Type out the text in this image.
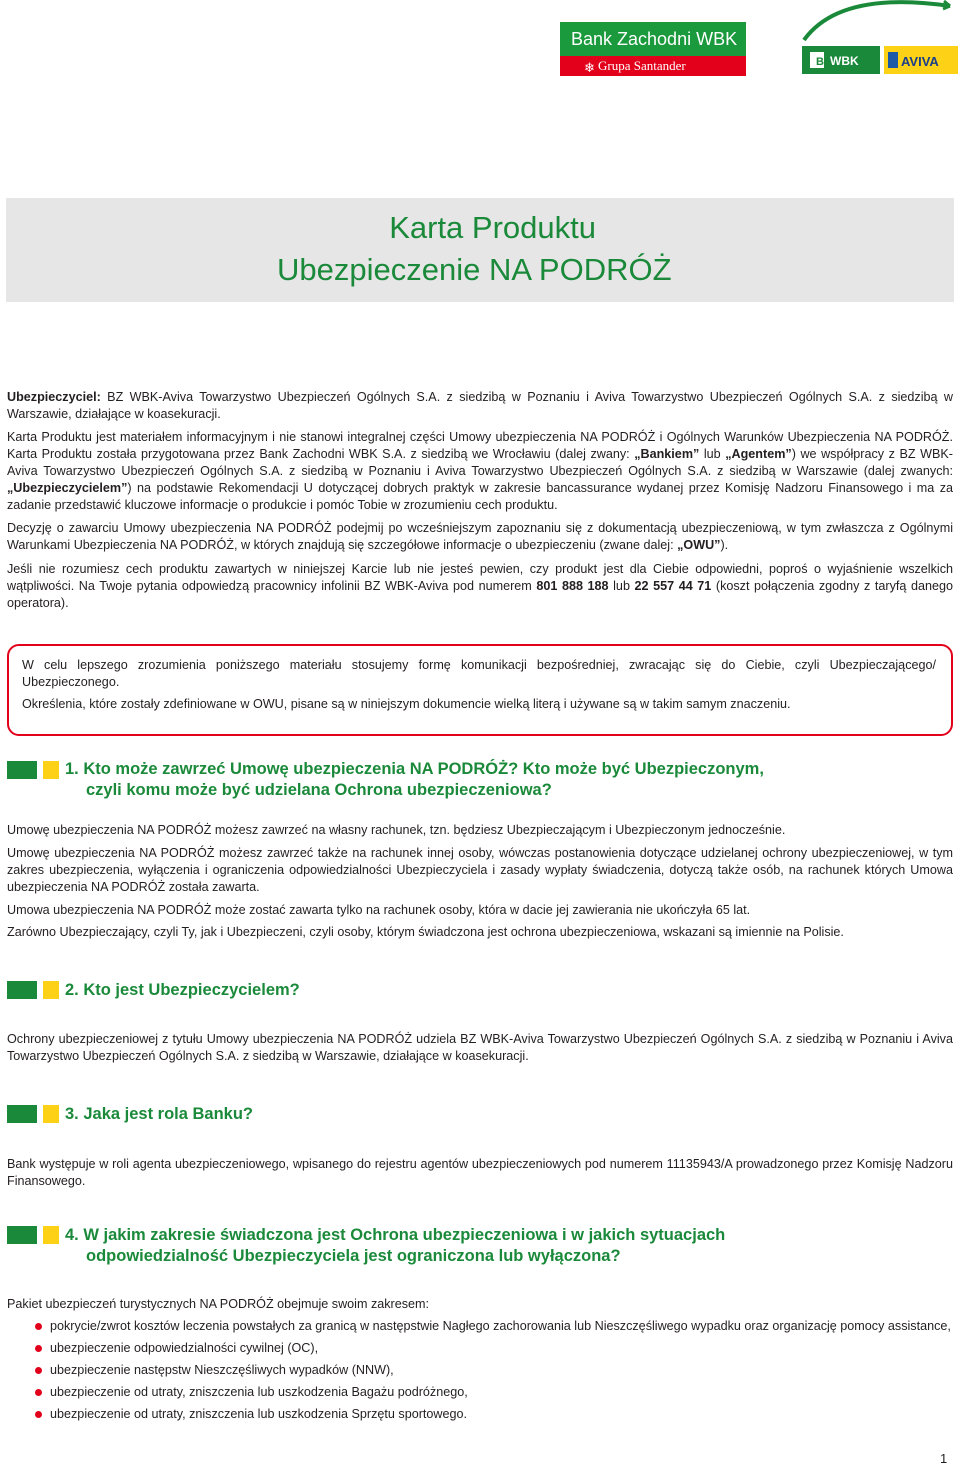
Bank Zachodni WBK
❄ Grupa Santander	B WBK	AVIVA
Karta Produktu
Ubezpieczenie NA PODRÓŻ
Ubezpieczyciel: BZ WBK-Aviva Towarzystwo Ubezpieczeń Ogólnych S.A. z siedzibą w Poznaniu i Aviva Towarzystwo Ubezpieczeń Ogólnych S.A. z siedzibą w Warszawie, działające w koasekuracji.
Karta Produktu jest materiałem informacyjnym i nie stanowi integralnej części Umowy ubezpieczenia NA PODRÓŻ i Ogólnych Warunków Ubezpieczenia NA PODRÓŻ. Karta Produktu została przygotowana przez Bank Zachodni WBK S.A. z siedzibą we Wrocławiu (dalej zwany: „Bankiem” lub „Agentem”) we współpracy z BZ WBK-Aviva Towarzystwo Ubezpieczeń Ogólnych S.A. z siedzibą w Poznaniu i Aviva Towarzystwo Ubezpieczeń Ogólnych S.A. z siedzibą w Warszawie (dalej zwanych: „Ubezpieczycielem”) na podstawie Rekomendacji U dotyczącej dobrych praktyk w zakresie bancassurance wydanej przez Komisję Nadzoru Finansowego i ma za zadanie przedstawić kluczowe informacje o produkcie i pomóc Tobie w zrozumieniu cech produktu.
Decyzję o zawarciu Umowy ubezpieczenia NA PODRÓŻ podejmij po wcześniejszym zapoznaniu się z dokumentacją ubezpieczeniową, w tym zwłaszcza z Ogólnymi Warunkami Ubezpieczenia NA PODRÓŻ, w których znajdują się szczegółowe informacje o ubezpieczeniu (zwane dalej: „OWU”).
Jeśli nie rozumiesz cech produktu zawartych w niniejszej Karcie lub nie jesteś pewien, czy produkt jest dla Ciebie odpowiedni, poproś o wyjaśnienie wszelkich wątpliwości. Na Twoje pytania odpowiedzą pracownicy infolinii BZ WBK-Aviva pod numerem 801 888 188 lub 22 557 44 71 (koszt połączenia zgodny z taryfą danego operatora).
W celu lepszego zrozumienia poniższego materiału stosujemy formę komunikacji bezpośredniej, zwracając się do Ciebie, czyli Ubezpieczającego/ Ubezpieczonego.
Określenia, które zostały zdefiniowane w OWU, pisane są w niniejszym dokumencie wielką literą i używane są w takim samym znaczeniu.
1. Kto może zawrzeć Umowę ubezpieczenia NA PODRÓŻ? Kto może być Ubezpieczonym,
czyli komu może być udzielana Ochrona ubezpieczeniowa?
Umowę ubezpieczenia NA PODRÓŻ możesz zawrzeć na własny rachunek, tzn. będziesz Ubezpieczającym i Ubezpieczonym jednocześnie.
Umowę ubezpieczenia NA PODRÓŻ możesz zawrzeć także na rachunek innej osoby, wówczas postanowienia dotyczące udzielanej ochrony ubezpieczeniowej, w tym zakres ubezpieczenia, wyłączenia i ograniczenia odpowiedzialności Ubezpieczyciela i zasady wypłaty świadczenia, dotyczą także osób, na rachunek których Umowa ubezpieczenia NA PODRÓŻ została zawarta.
Umowa ubezpieczenia NA PODRÓŻ może zostać zawarta tylko na rachunek osoby, która w dacie jej zawierania nie ukończyła 65 lat.
Zarówno Ubezpieczający, czyli Ty, jak i Ubezpieczeni, czyli osoby, którym świadczona jest ochrona ubezpieczeniowa, wskazani są imiennie na Polisie.
2. Kto jest Ubezpieczycielem?
Ochrony ubezpieczeniowej z tytułu Umowy ubezpieczenia NA PODRÓŻ udziela BZ WBK-Aviva Towarzystwo Ubezpieczeń Ogólnych S.A. z siedzibą w Poznaniu i Aviva Towarzystwo Ubezpieczeń Ogólnych S.A. z siedzibą w Warszawie, działające w koasekuracji.
3. Jaka jest rola Banku?
Bank występuje w roli agenta ubezpieczeniowego, wpisanego do rejestru agentów ubezpieczeniowych pod numerem 11135943/A prowadzonego przez Komisję Nadzoru Finansowego.
4. W jakim zakresie świadczona jest Ochrona ubezpieczeniowa i w jakich sytuacjach
odpowiedzialność Ubezpieczyciela jest ograniczona lub wyłączona?
Pakiet ubezpieczeń turystycznych NA PODRÓŻ obejmuje swoim zakresem:
pokrycie/zwrot kosztów leczenia powstałych za granicą w następstwie Nagłego zachorowania lub Nieszczęśliwego wypadku oraz organizację pomocy assistance,
ubezpieczenie odpowiedzialności cywilnej (OC),
ubezpieczenie następstw Nieszczęśliwych wypadków (NNW),
ubezpieczenie od utraty, zniszczenia lub uszkodzenia Bagażu podróżnego,
ubezpieczenie od utraty, zniszczenia lub uszkodzenia Sprzętu sportowego.
1
